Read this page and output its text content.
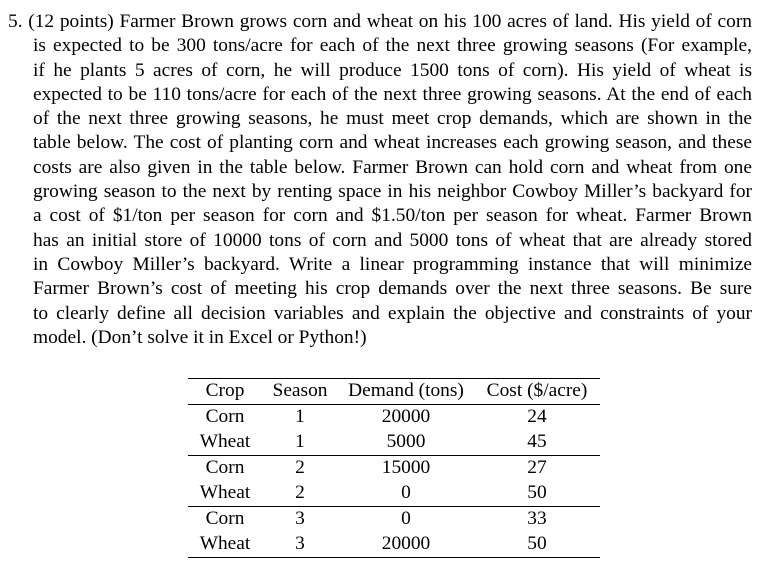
5. (12 points) Farmer Brown grows corn and wheat on his 100 acres of land. His yield of corn
is expected to be 300 tons/acre for each of the next three growing seasons (For example,
if he plants 5 acres of corn, he will produce 1500 tons of corn). His yield of wheat is
expected to be 110 tons/acre for each of the next three growing seasons. At the end of each
of the next three growing seasons, he must meet crop demands, which are shown in the
table below. The cost of planting corn and wheat increases each growing season, and these
costs are also given in the table below. Farmer Brown can hold corn and wheat from one
growing season to the next by renting space in his neighbor Cowboy Miller’s backyard for
a cost of $1/ton per season for corn and $1.50/ton per season for wheat. Farmer Brown
has an initial store of 10000 tons of corn and 5000 tons of wheat that are already stored
in Cowboy Miller’s backyard. Write a linear programming instance that will minimize
Farmer Brown’s cost of meeting his crop demands over the next three seasons. Be sure
to clearly define all decision variables and explain the objective and constraints of your
model. (Don’t solve it in Excel or Python!)
Crop	Season	Demand (tons)	Cost ($/acre)
Corn	1	20000	24
Wheat	1	5000	45
Corn	2	15000	27
Wheat	2	0	50
Corn	3	0	33
Wheat	3	20000	50
